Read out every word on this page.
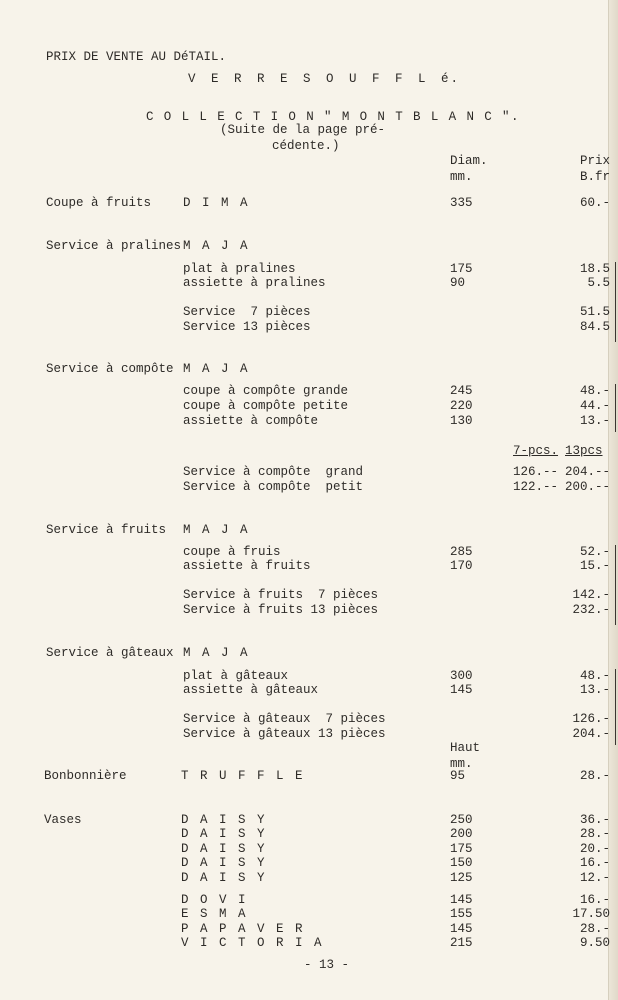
PRIX DE VENTE AU DéTAIL.
V E R R E S O U F F L é.
C O L L E C T I O N " M O N T B L A N C ".
(Suite de la page pré-
cédente.)
Diam.
mm.
Prix
B.fr
Coupe à fruits	D I M A	335	60.-
Service à pralines M A J A
plat à pralines	175	18.5
assiette à pralines	90	5.5
Service  7 pièces	51.5
Service 13 pièces	84.5
Service à compôte M A J A
coupe à compôte grande	245	48.-
coupe à compôte petite	220	44.-
assiette à compôte	130	13.-
7-pcs. 13pcs
Service à compôte  grand	126.-- 204.--
Service à compôte  petit	122.-- 200.--
Service à fruits M A J A
coupe à fruis	285	52.-
assiette à fruits	170	15.-
Service à fruits  7 pièces	142.-
Service à fruits 13 pièces	232.-
Service à gâteaux M A J A
plat à gâteaux	300	48.-
assiette à gâteaux	145	13.-
Service à gâteaux  7 pièces	126.-
Service à gâteaux 13 pièces	204.-
Haut
mm.
Bonbonnière	T R U F F L E	95	28.-
Vases	D A I S Y	250	36.-
D A I S Y	200	28.-
D A I S Y	175	20.-
D A I S Y	150	16.-
D A I S Y	125	12.-
D O V I	145	16.-
E S M A	155	17.50
P A P A V E R	145	28.-
V I C T O R I A	215	9.50
- 13 -
